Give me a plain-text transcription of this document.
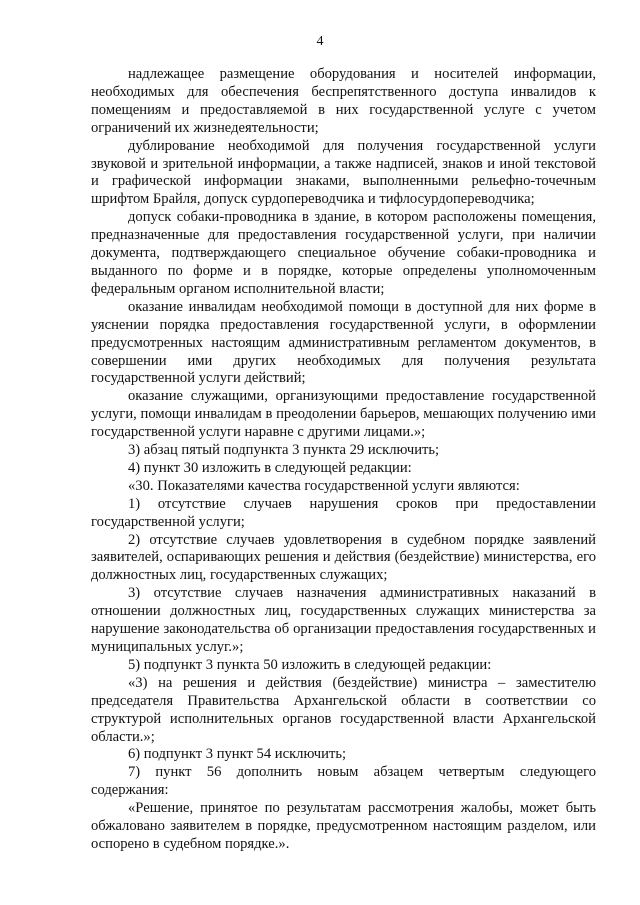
4

надлежащее размещение оборудования и носителей информации, необходимых для обеспечения беспрепятственного доступа инвалидов к помещениям и предоставляемой в них государственной услуге с учетом ограничений их жизнедеятельности;

дублирование необходимой для получения государственной услуги звуковой и зрительной информации, а также надписей, знаков и иной текстовой и графической информации знаками, выполненными рельефно-точечным шрифтом Брайля, допуск сурдопереводчика и тифлосурдопереводчика;

допуск собаки-проводника в здание, в котором расположены помещения, предназначенные для предоставления государственной услуги, при наличии документа, подтверждающего специальное обучение собаки-проводника и выданного по форме и в порядке, которые определены уполномоченным федеральным органом исполнительной власти;

оказание инвалидам необходимой помощи в доступной для них форме в уяснении порядка предоставления государственной услуги, в оформлении предусмотренных настоящим административным регламентом документов, в совершении ими других необходимых для получения результата государственной услуги действий;

оказание служащими, организующими предоставление государственной услуги, помощи инвалидам в преодолении барьеров, мешающих получению ими государственной услуги наравне с другими лицами.»;

3) абзац пятый подпункта 3 пункта 29 исключить;

4) пункт 30 изложить в следующей редакции:

«30. Показателями качества государственной услуги являются:

1) отсутствие случаев нарушения сроков при предоставлении государственной услуги;

2) отсутствие случаев удовлетворения в судебном порядке заявлений заявителей, оспаривающих решения и действия (бездействие) министерства, его должностных лиц, государственных служащих;

3) отсутствие случаев назначения административных наказаний в отношении должностных лиц, государственных служащих министерства за нарушение законодательства об организации предоставления государственных и муниципальных услуг.»;

5) подпункт 3 пункта 50 изложить в следующей редакции:

«3) на решения и действия (бездействие) министра – заместителю председателя Правительства Архангельской области в соответствии со структурой исполнительных органов государственной власти Архангельской области.»;

6) подпункт 3 пункт 54 исключить;

7) пункт 56 дополнить новым абзацем четвертым следующего содержания:

«Решение, принятое по результатам рассмотрения жалобы, может быть обжаловано заявителем в порядке, предусмотренном настоящим разделом, или оспорено в судебном порядке.».
